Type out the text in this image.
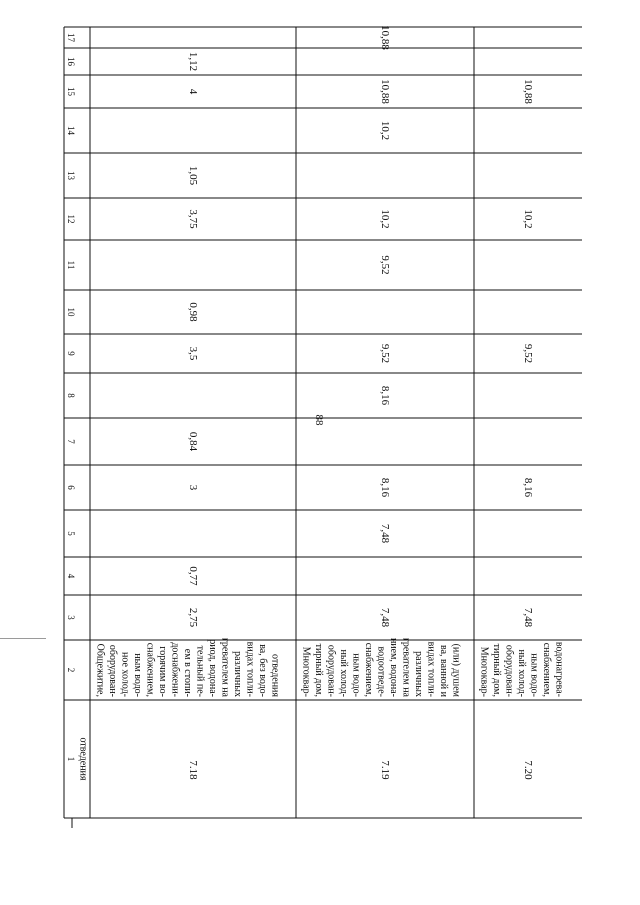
88
1
2
3
4
5
6
7
8
9
10
11
12
13
14
15
16
17
отведения	7.18
Общежитие, оборудован- ное холод- ным водо- снабжением, горячим во- доснабжени- ем в стопи- тельный пе- риод, водона- гревателем на различных видах топли- ва, без водо- отведения
2,75
0,77
3
0,84
3,5
0,98
3,75
1,05
4
1,12
7.19
Многоквар- тирный дом, оборудован- ный холод- ным водо- снабжением, водоотведе- нием, водона- гревателем на различных видах топли- ва, ванной и (или) душем
7,48
7,48
8,16
8,16
9,52
9,52
10,2
10,2
10,88
10,88
7.20
Многоквар- тирный дом, оборудован- ный холод- ным водо- снабжением, водонагрева-
7,48
8,16
9,52
10,2
10,88
